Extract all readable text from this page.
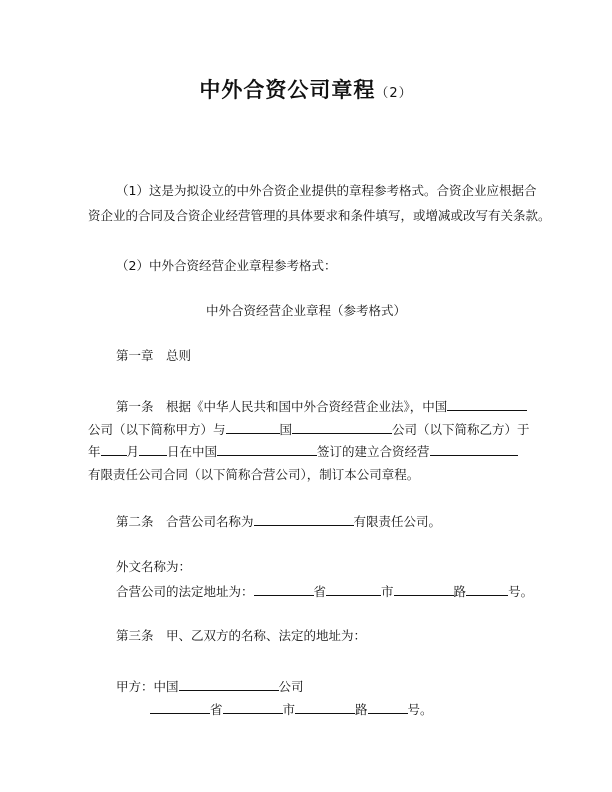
中外合资公司章程（2）
（1）这是为拟设立的中外合资企业提供的章程参考格式。合资企业应根据合
资企业的合同及合资企业经营管理的具体要求和条件填写，或增减或改写有关条款。
（2）中外合资经营企业章程参考格式：
中外合资经营企业章程（参考格式）
第一章　总则
第一条　根据《中华人民共和国中外合资经营企业法》，中国
公司（以下简称甲方）与	国	公司（以下简称乙方）于
年 月 日在中国	签订的建立合资经营
有限责任公司合同（以下简称合营公司），制订本公司章程。
第二条　合营公司名称为	有限责任公司。
外文名称为：
合营公司的法定地址为：	省	市	路	号。
第三条　甲、乙双方的名称、法定的地址为：
甲方：中国	公司
省	市	路	号。
